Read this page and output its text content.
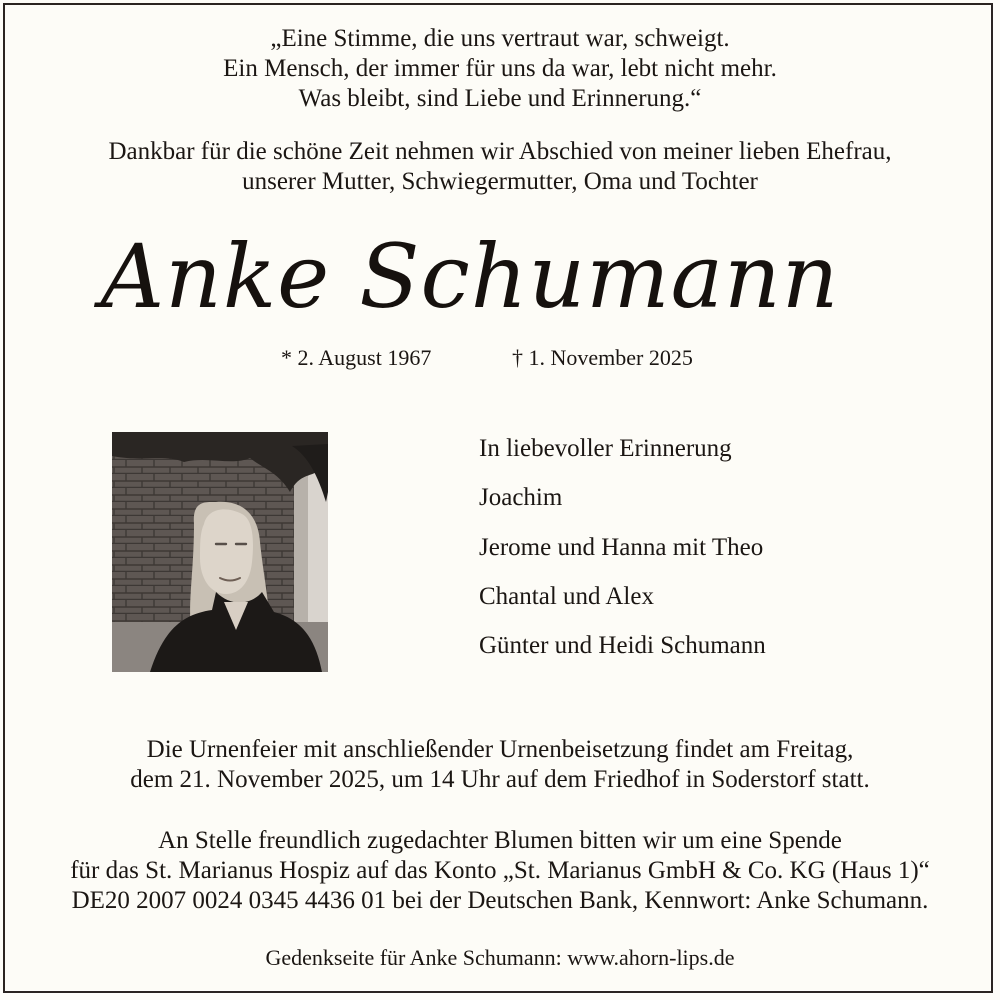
„Eine Stimme, die uns vertraut war, schweigt.
Ein Mensch, der immer für uns da war, lebt nicht mehr.
Was bleibt, sind Liebe und Erinnerung.“
Dankbar für die schöne Zeit nehmen wir Abschied von meiner lieben Ehefrau,
unserer Mutter, Schwiegermutter, Oma und Tochter
Anke Schumann
* 2. August 1967	† 1. November 2025
In liebevoller Erinnerung
Joachim
Jerome und Hanna mit Theo
Chantal und Alex
Günter und Heidi Schumann
Die Urnenfeier mit anschließender Urnenbeisetzung findet am Freitag,
dem 21. November 2025, um 14 Uhr auf dem Friedhof in Soderstorf statt.
An Stelle freundlich zugedachter Blumen bitten wir um eine Spende
für das St. Marianus Hospiz auf das Konto „St. Marianus GmbH & Co. KG (Haus 1)“
DE20 2007 0024 0345 4436 01 bei der Deutschen Bank, Kennwort: Anke Schumann.
Gedenkseite für Anke Schumann: www.ahorn-lips.de
